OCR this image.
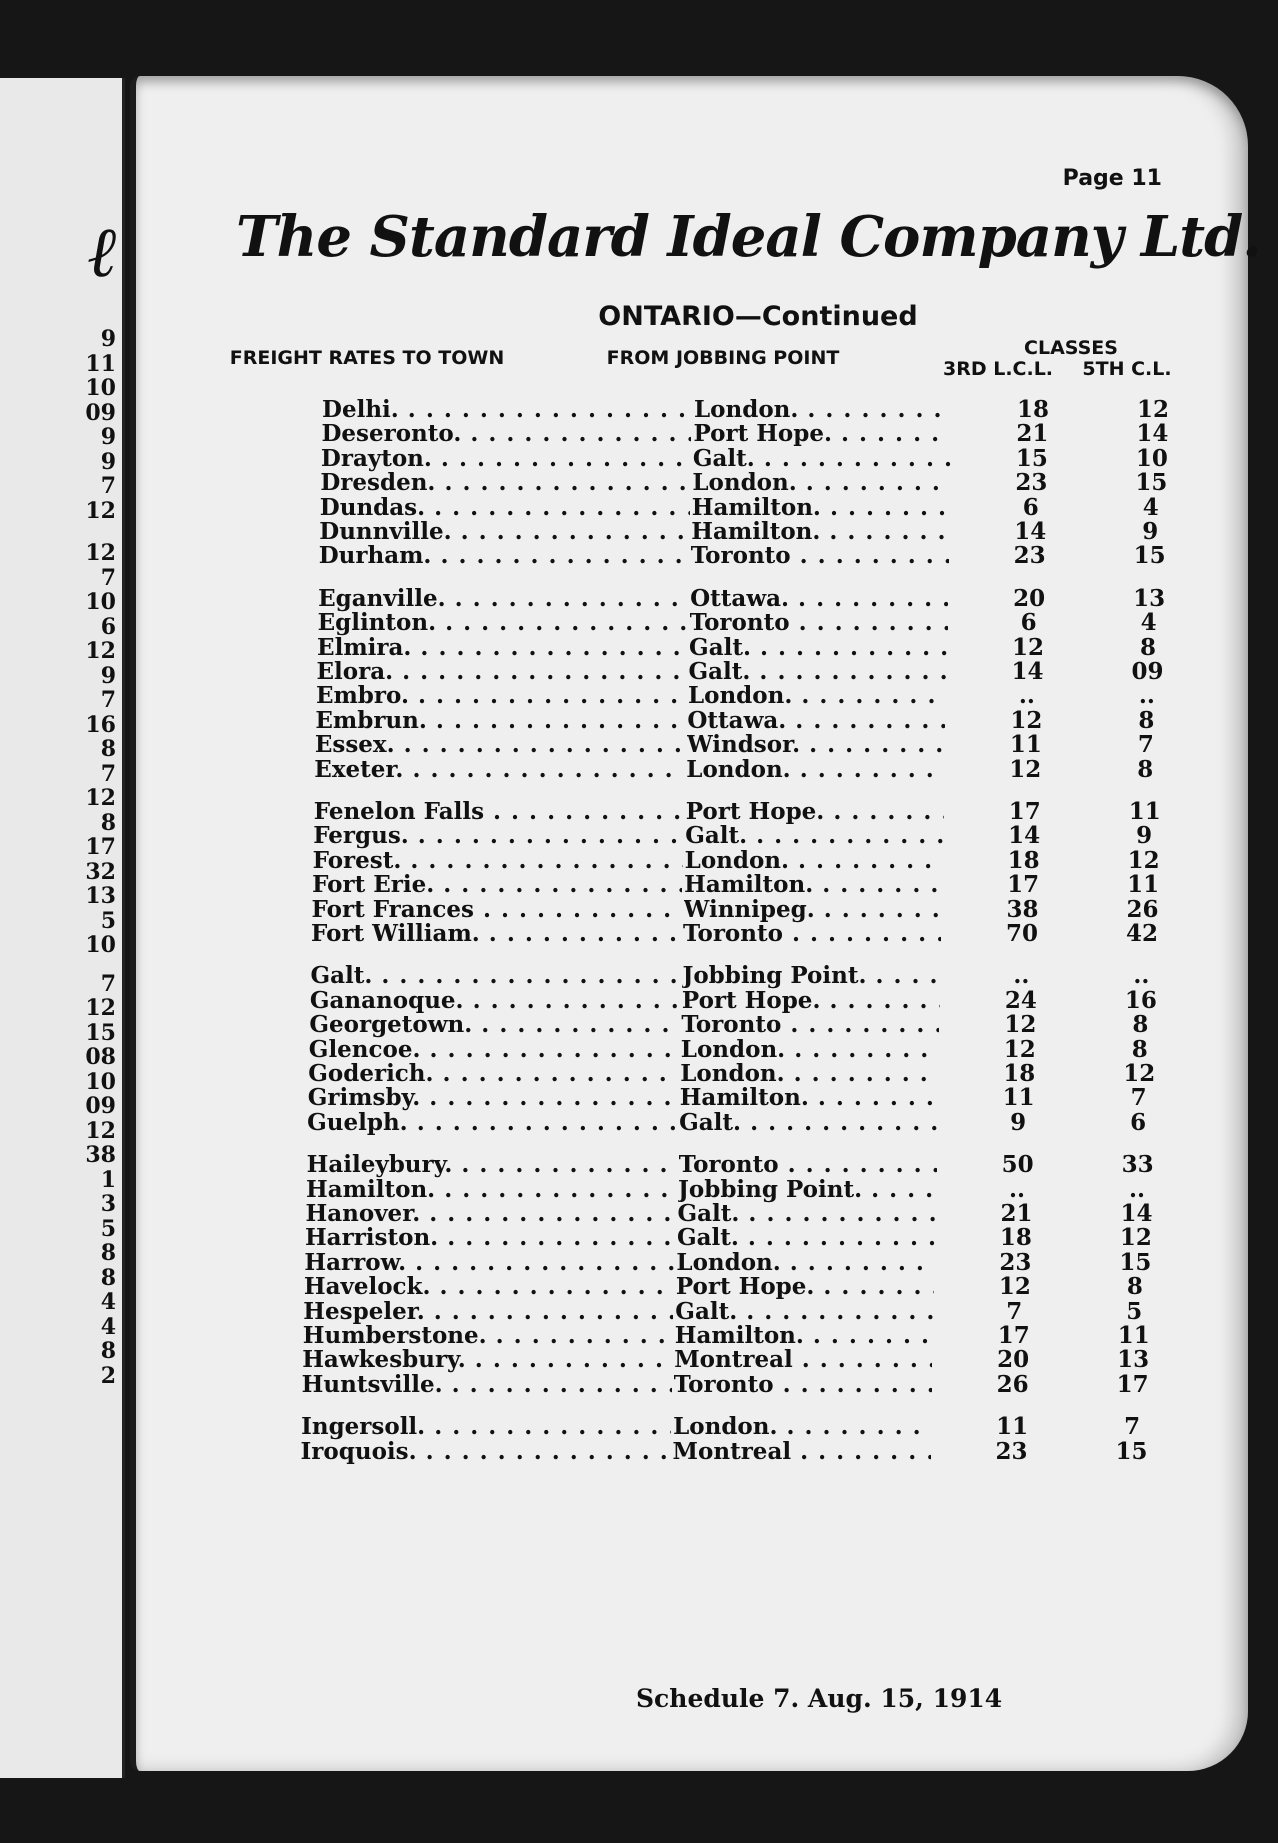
ℓ
9
11
10
09
9
9
7
12
12
7
10
6
12
9
7
16
8
7
12
8
17
32
13
5
10
7
12
15
08
10
09
12
38
1
3
5
8
8
4
4
8
2
Page 11
The Standard Ideal Company Ltd.
ONTARIO—Continued
FREIGHT RATES TO TOWN	FROM JOBBING POINT	CLASSES
3RD L.C.L.	5TH C.L.
Delhi. . . .	London. . . .	18	12
Deseronto. . . .	Port Hope. . . .	21	14
Drayton. . . .	Galt. . . .	15	10
Dresden. . . .	London. . . .	23	15
Dundas. . . .	Hamilton. . . .	6	4
Dunnville. . . .	Hamilton. . . .	14	9
Durham. . . .	Toronto . . .	23	15
Eganville. . . .	Ottawa. . . .	20	13
Eglinton. . . .	Toronto . . .	6	4
Elmira. . . .	Galt. . . .	12	8
Elora. . . .	Galt. . . .	14	09
Embro. . . .	London. . . .	..	..
Embrun. . . .	Ottawa. . . .	12	8
Essex. . . .	Windsor. . . .	11	7
Exeter. . . .	London. . . .	12	8
Fenelon Falls . . .	Port Hope. . . .	17	11
Fergus. . . .	Galt. . . .	14	9
Forest. . . .	London. . . .	18	12
Fort Erie. . . .	Hamilton. . . .	17	11
Fort Frances . . .	Winnipeg. . . .	38	26
Fort William. . . .	Toronto . . .	70	42
Galt. . . .	Jobbing Point. . . .	..	..
Gananoque. . . .	Port Hope. . . .	24	16
Georgetown. . . .	Toronto . . .	12	8
Glencoe. . . .	London. . . .	12	8
Goderich. . . .	London. . . .	18	12
Grimsby. . . .	Hamilton. . . .	11	7
Guelph. . . .	Galt. . . .	9	6
Haileybury. . . .	Toronto . . .	50	33
Hamilton. . . .	Jobbing Point. . . .	..	..
Hanover. . . .	Galt. . . .	21	14
Harriston. . . .	Galt. . . .	18	12
Harrow. . . .	London. . . .	23	15
Havelock. . . .	Port Hope. . . .	12	8
Hespeler. . . .	Galt. . . .	7	5
Humberstone. . . .	Hamilton. . . .	17	11
Hawkesbury. . . .	Montreal . . .	20	13
Huntsville. . . .	Toronto . . .	26	17
Ingersoll. . . .	London. . . .	11	7
Iroquois. . . .	Montreal . . .	23	15
Schedule 7. Aug. 15, 1914
